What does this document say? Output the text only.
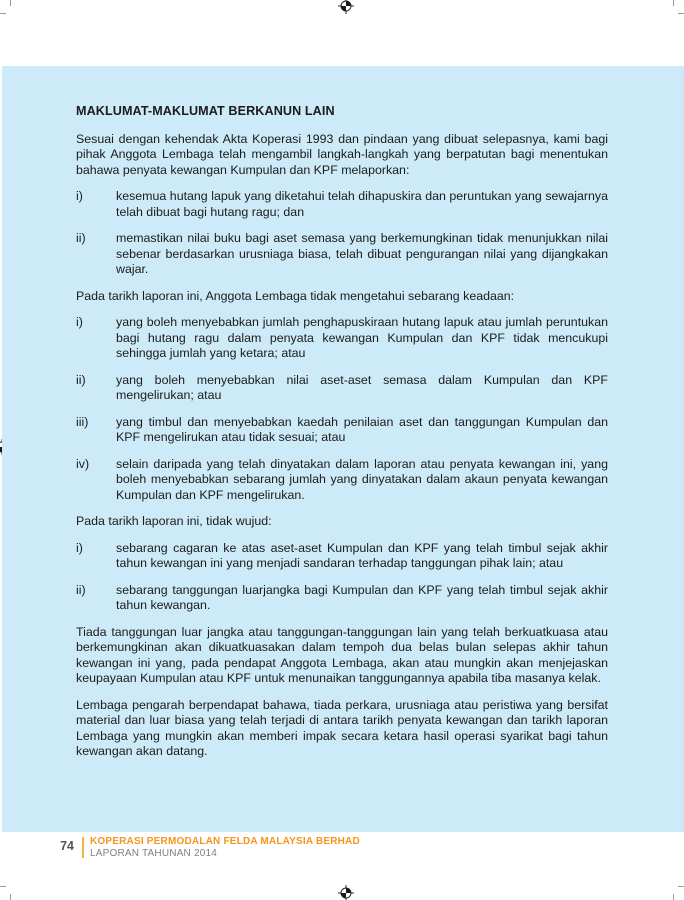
MAKLUMAT-MAKLUMAT BERKANUN LAIN

Sesuai dengan kehendak Akta Koperasi 1993 dan pindaan yang dibuat selepasnya, kami bagi pihak Anggota Lembaga telah mengambil langkah-langkah yang berpatutan bagi menentukan bahawa penyata kewangan Kumpulan dan KPF melaporkan:

i)	kesemua hutang lapuk yang diketahui telah dihapuskira dan peruntukan yang sewajarnya telah dibuat bagi hutang ragu; dan
ii)	memastikan nilai buku bagi aset semasa yang berkemungkinan tidak menunjukkan nilai sebenar berdasarkan urusniaga biasa, telah dibuat pengurangan nilai yang dijangkakan wajar.

Pada tarikh laporan ini, Anggota Lembaga tidak mengetahui sebarang keadaan:

i)	yang boleh menyebabkan jumlah penghapuskiraan hutang lapuk atau jumlah peruntukan bagi hutang ragu dalam penyata kewangan Kumpulan dan KPF tidak mencukupi sehingga jumlah yang ketara; atau
ii)	yang boleh menyebabkan nilai aset-aset semasa dalam Kumpulan dan KPF mengelirukan; atau
iii)	yang timbul dan menyebabkan kaedah penilaian aset dan tanggungan Kumpulan dan KPF mengelirukan atau tidak sesuai; atau
iv)	selain daripada yang telah dinyatakan dalam laporan atau penyata kewangan ini, yang boleh menyebabkan sebarang jumlah yang dinyatakan dalam akaun penyata kewangan Kumpulan dan KPF mengelirukan.

Pada tarikh laporan ini, tidak wujud:

i)	sebarang cagaran ke atas aset-aset Kumpulan dan KPF yang telah timbul sejak akhir tahun kewangan ini yang menjadi sandaran terhadap tanggungan pihak lain; atau
ii)	sebarang tanggungan luarjangka bagi Kumpulan dan KPF yang telah timbul sejak akhir tahun kewangan.

Tiada tanggungan luar jangka atau tanggungan-tanggungan lain yang telah berkuatkuasa atau berkemungkinan akan dikuatkuasakan dalam tempoh dua belas bulan selepas akhir tahun kewangan ini yang, pada pendapat Anggota Lembaga, akan atau mungkin akan menjejaskan keupayaan Kumpulan atau KPF untuk menunaikan tanggungannya apabila tiba masanya kelak.

Lembaga pengarah berpendapat bahawa, tiada perkara, urusniaga atau peristiwa yang bersifat material dan luar biasa yang telah terjadi di antara tarikh penyata kewangan dan tarikh laporan Lembaga yang mungkin akan memberi impak secara ketara hasil operasi syarikat bagi tahun kewangan akan datang.

74 KOPERASI PERMODALAN FELDA MALAYSIA BERHAD
LAPORAN TAHUNAN 2014
